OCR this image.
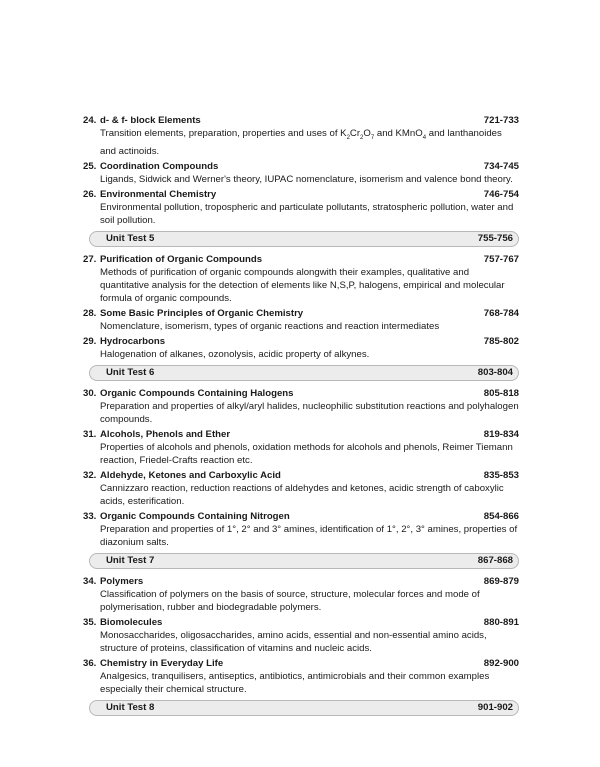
24. d- & f- block Elements	721-733
Transition elements, preparation, properties and uses of $K_2Cr_2O_7$ and KMnO$_4$ and lanthanoides and actinoids.
25. Coordination Compounds	734-745
Ligands, Sidwick and Werner's theory, IUPAC nomenclature, isomerism and valence bond theory.
26. Environmental Chemistry	746-754
Environmental pollution, tropospheric and particulate pollutants, stratospheric pollution, water and soil pollution.
Unit Test 5	755-756
27. Purification of Organic Compounds	757-767
Methods of purification of organic compounds alongwith their examples, qualitative and quantitative analysis for the detection of elements like N,S,P, halogens, empirical and molecular formula of organic compounds.
28. Some Basic Principles of Organic Chemistry	768-784
Nomenclature, isomerism, types of organic reactions and reaction intermediates
29. Hydrocarbons	785-802
Halogenation of alkanes, ozonolysis, acidic property of alkynes.
Unit Test 6	803-804
30. Organic Compounds Containing Halogens	805-818
Preparation and properties of alkyl/aryl halides, nucleophilic substitution reactions and polyhalogen compounds.
31. Alcohols, Phenols and Ether	819-834
Properties of alcohols and phenols, oxidation methods for alcohols and phenols, Reimer Tiemann reaction, Friedel-Crafts reaction etc.
32. Aldehyde, Ketones and Carboxylic Acid	835-853
Cannizzaro reaction, reduction reactions of aldehydes and ketones, acidic strength of caboxylic acids, esterification.
33. Organic Compounds Containing Nitrogen	854-866
Preparation and properties of 1°, 2° and 3° amines, identification of 1°, 2°, 3° amines, properties of diazonium salts.
Unit Test 7	867-868
34. Polymers	869-879
Classification of polymers on the basis of source, structure, molecular forces and mode of polymerisation, rubber and biodegradable polymers.
35. Biomolecules	880-891
Monosaccharides, oligosaccharides, amino acids, essential and non-essential amino acids, structure of proteins, classification of vitamins and nucleic acids.
36. Chemistry in Everyday Life	892-900
Analgesics, tranquilisers, antiseptics, antibiotics, antimicrobials and their common examples especially their chemical structure.
Unit Test 8	901-902
